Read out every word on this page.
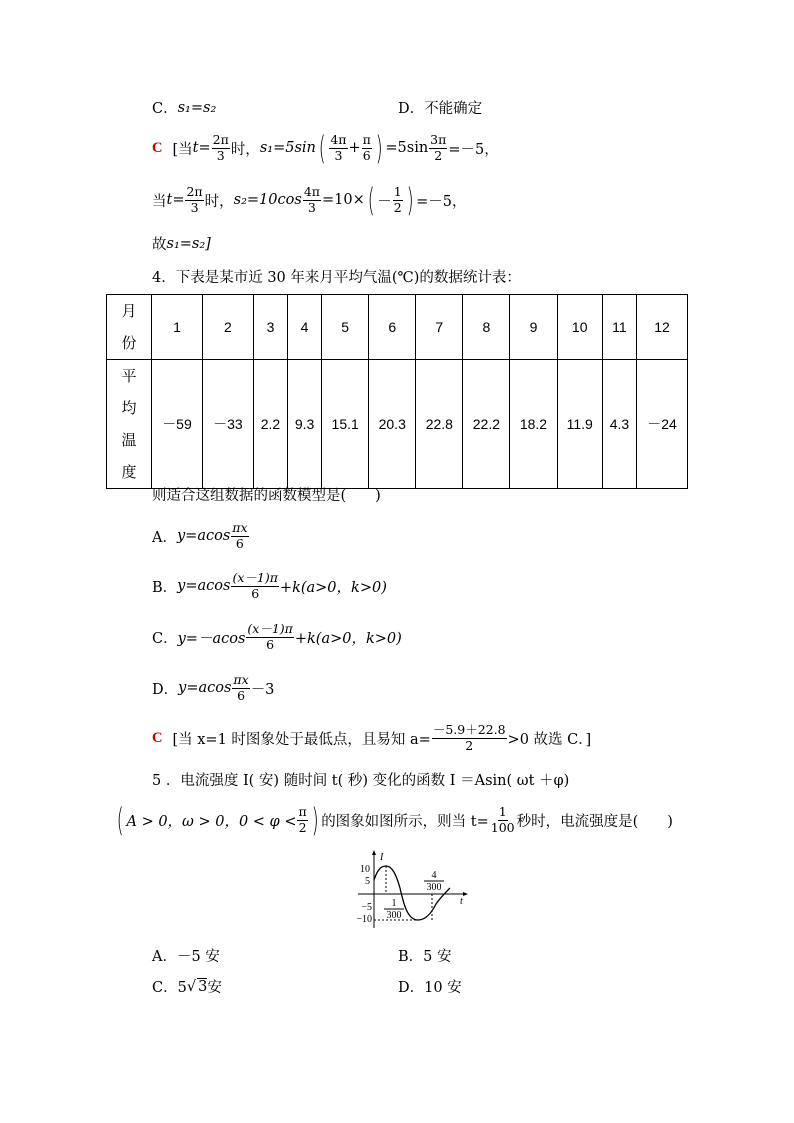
C． s₁=s₂	D．不能确定
C [当 $t= \frac{2\pi}{3}$ 时， s₁=5sin ( $\frac{4\pi}{3} + \frac{\pi}{6}$ ) $=5\sin \frac{3\pi}{2} =-5$，
当 $t= \frac{2\pi}{3}$ 时， $s_2=10\cos \frac{4\pi}{3} =10\times$ ( － $\frac{1}{2}$ ) =－5，
故 s₁=s₂]
4．下表是某市近 30 年来月平均气温(℃)的数据统计表：
月
份	1	2	3	4	5	6	7	8	9	10	11	12

平
均
温
度	－59	－33	2.2	9.3	15.1	20.3	22.8	22.2	18.2	11.9	4.3	－24
则适合这组数据的函数模型是(　　)
A． $y=acos \frac{\pi x}{6}$
B． $y=acos \frac{(x-1)\pi}{6} +k(a>0$，k>0)
C． $y=-acos \frac{(x-1)\pi}{6} +k(a>0$，k>0)
D． $y=acos \frac{\pi x}{6} -3$
C [当 x=1 时图象处于最低点，且易知 $a= \frac{-5.9+22.8}{2} >0$ 故选 C．]
5 ．电流强度 I( 安) 随时间 t( 秒) 变化的函数 I ＝Asin( ωt ＋φ)
( A > 0，ω > 0，$0 < \varphi < \frac{\pi}{2}$ ) 的图象如图所示，则当 $t= \frac{1}{100}$ 秒时，电流强度是(　　)
I
t
10
5
−5
−10
1
300
4
300
A．－5 安	B．5 安
C．5 √ 3 安	D．10 安
